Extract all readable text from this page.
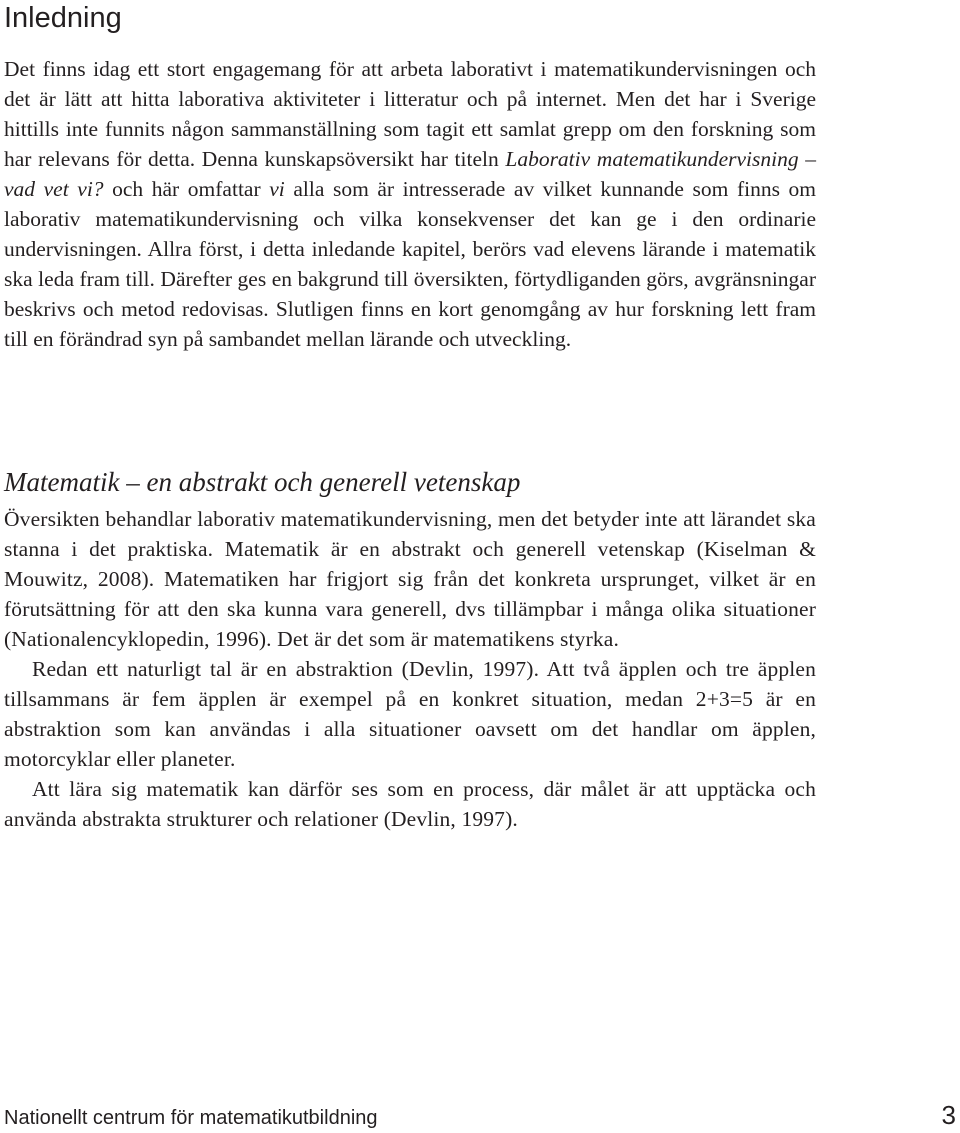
Inledning

Det finns idag ett stort engagemang för att arbeta laborativt i matematikundervisningen och det är lätt att hitta laborativa aktiviteter i litteratur och på internet. Men det har i Sverige hittills inte funnits någon sammanställning som tagit ett samlat grepp om den forskning som har relevans för detta. Denna kunskapsöversikt har titeln Laborativ matematikundervisning – vad vet vi? och här omfattar vi alla som är intresserade av vilket kunnande som finns om laborativ matematikundervisning och vilka konsekvenser det kan ge i den ordinarie undervisningen. Allra först, i detta inledande kapitel, berörs vad elevens lärande i matematik ska leda fram till. Därefter ges en bakgrund till översikten, förtydliganden görs, avgränsningar beskrivs och metod redovisas. Slutligen finns en kort genomgång av hur forskning lett fram till en förändrad syn på sambandet mellan lärande och utveckling.

Matematik – en abstrakt och generell vetenskap

Översikten behandlar laborativ matematikundervisning, men det betyder inte att lärandet ska stanna i det praktiska. Matematik är en abstrakt och generell vetenskap (Kiselman & Mouwitz, 2008). Matematiken har frigjort sig från det konkreta ursprunget, vilket är en förutsättning för att den ska kunna vara generell, dvs tillämpbar i många olika situationer (Nationalencyklopedin, 1996). Det är det som är matematikens styrka.

Redan ett naturligt tal är en abstraktion (Devlin, 1997). Att två äpplen och tre äpplen tillsammans är fem äpplen är exempel på en konkret situation, medan 2+3=5 är en abstraktion som kan användas i alla situationer oavsett om det handlar om äpplen, motorcyklar eller planeter.

Att lära sig matematik kan därför ses som en process, där målet är att upptäcka och använda abstrakta strukturer och relationer (Devlin, 1997).

Nationellt centrum för matematikutbildning	3
